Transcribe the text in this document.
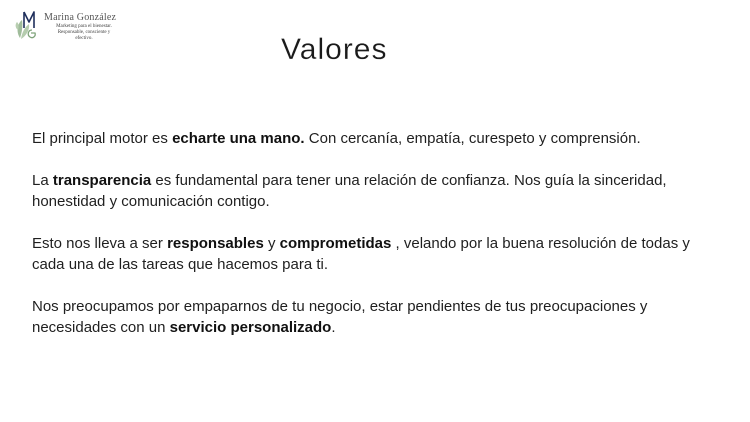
Marina González
Marketing para el bienestar.
Responsable, consciente y
efectivo.	Valores

El principal motor es echarte una mano. Con cercanía, empatía, curespeto y comprensión.

La transparencia es fundamental para tener una relación de confianza. Nos guía la sinceridad, honestidad y comunicación contigo.

Esto nos lleva a ser responsables y comprometidas , velando por la buena resolución de todas y cada una de las tareas que hacemos para ti.

Nos preocupamos por empaparnos de tu negocio, estar pendientes de tus preocupaciones y necesidades con un servicio personalizado.
